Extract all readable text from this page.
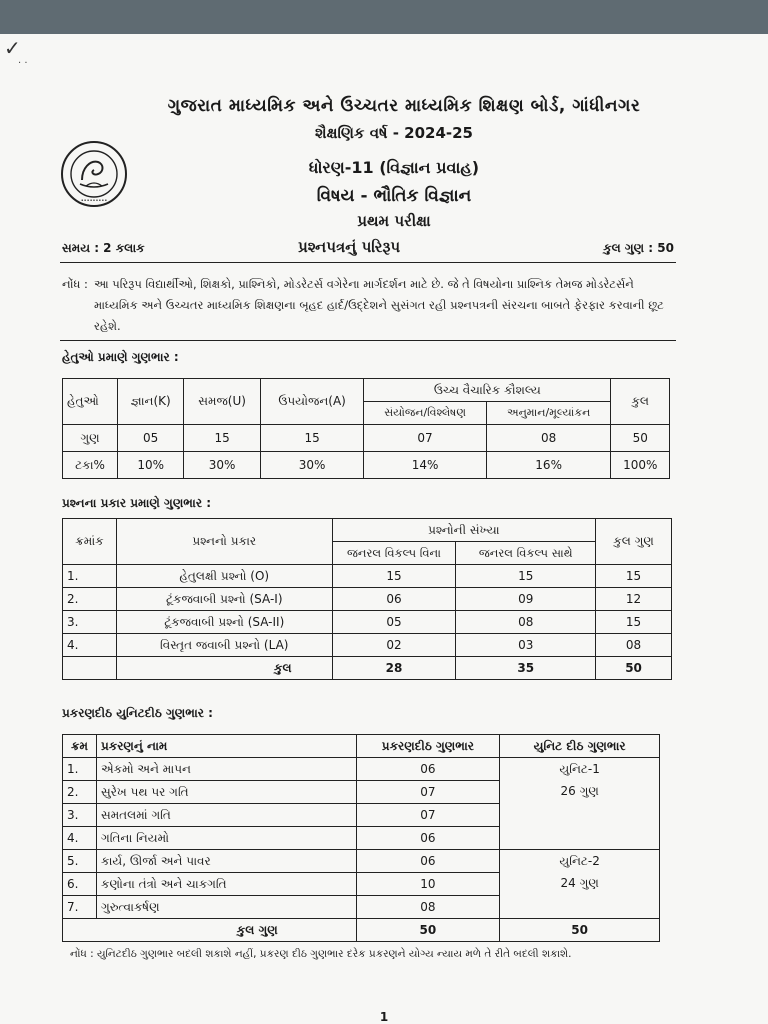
✓
· ·
•••••••••
ગુજરાત માધ્યમિક અને ઉચ્ચતર માધ્યમિક શિક્ષણ બોર્ડ, ગાંધીનગર
શૈક્ષણિક વર્ષ - 2024-25
ધોરણ-11 (વિજ્ઞાન પ્રવાહ)
વિષય - ભૌતિક વિજ્ઞાન
પ્રથમ પરીક્ષા
સમય : 2 કલાક	પ્રશ્નપત્રનું પરિરૂપ	કુલ ગુણ : 50
નોંધ : આ પરિરૂપ વિદ્યાર્થીઓ, શિક્ષકો, પ્રાશ્નિકો, મોડરેટર્સ વગેરેના માર્ગદર્શન માટે છે. જે તે વિષયોના પ્રાશ્નિક તેમજ મોડરેટર્સને માધ્યમિક અને ઉચ્ચતર માધ્યમિક શિક્ષણના બૃહદ હાર્દ/ઉદ્દેશને સુસંગત રહી પ્રશ્નપત્રની સંરચના બાબતે ફેરફાર કરવાની છૂટ રહેશે.
હેતુઓ પ્રમાણે ગુણભાર :
હેતુઓ	જ્ઞાન(K)	સમજ(U)	ઉપયોજન(A)	ઉચ્ચ વૈચારિક કૌશલ્ય		કુલ
				સંયોજન/વિશ્લેષણ	અનુમાન/મૂલ્યાંકન	
ગુણ	05	15	15	07	08	50
ટકા%	10%	30%	30%	14%	16%	100%
પ્રશ્નના પ્રકાર પ્રમાણે ગુણભાર :
ક્રમાંક	પ્રશ્નનો પ્રકાર	પ્રશ્નોની સંખ્યા		કુલ ગુણ
		જનરલ વિકલ્પ વિના	જનરલ વિકલ્પ સાથે	
1.	હેતુલક્ષી પ્રશ્નો (O)	15	15	15
2.	ટૂંકજવાબી પ્રશ્નો (SA-I)	06	09	12
3.	ટૂંકજવાબી પ્રશ્નો (SA-II)	05	08	15
4.	વિસ્તૃત જવાબી પ્રશ્નો (LA)	02	03	08
	કુલ	28	35	50
પ્રકરણદીઠ યુનિટદીઠ ગુણભાર :
ક્રમ	પ્રકરણનું નામ	પ્રકરણદીઠ ગુણભાર	યુનિટ દીઠ ગુણભાર
1.	એકમો અને માપન	06	યુનિટ-1
26 ગુણ

2.	સુરેખ પથ પર ગતિ	07	
3.	સમતલમાં ગતિ	07	
4.	ગતિના નિયમો	06	
5.	કાર્ય, ઊર્જા અને પાવર	06	યુનિટ-2
24 ગુણ

6.	કણોના તંત્રો અને ચાકગતિ	10	
7.	ગુરુત્વાકર્ષણ	08	
કુલ ગુણ		50	50
નોંધ : યુનિટદીઠ ગુણભાર બદલી શકાશે નહીં, પ્રકરણ દીઠ ગુણભાર દરેક પ્રકરણને યોગ્ય ન્યાય મળે તે રીતે બદલી શકાશે.
1
